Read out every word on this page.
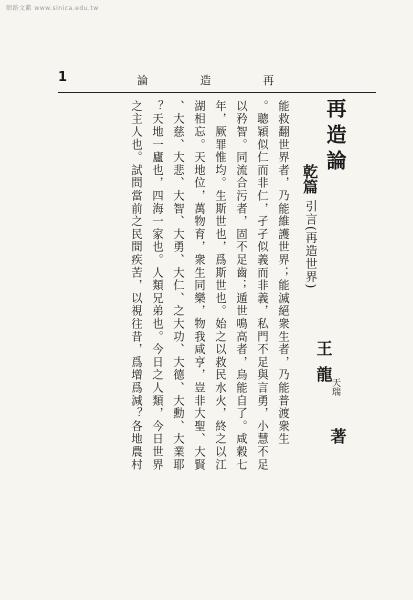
網路文獻 www.sinica.edu.tw
1	論造再
再造論
乾篇
引言(再造世界)
王龍
天瑞
著
能救翻世界者，乃能維護世界；能滅絕衆生者，乃能普渡衆生
。聰穎似仁而非仁，孑孑似義而非義，私門不足與言勇，小慧不足
以矜智。同流合污者，固不足齒；遁世鳴高者，烏能自了。咸穀七
年，厥罪惟均。生斯世也，爲斯世也。始之以救民水火，終之以江
湖相忘。天地位，萬物育，衆生同樂，物我咸亨，豈非大聖、大賢
、大慈、大悲、大智、大勇、大仁、之大功、大德、大勳、大業耶
？天地一廬也，四海一家也。人類兄弟也。今日之人類，今日世界
之主人也。試問當前之民間疾苦，以視往昔，爲增爲減？各地農村
